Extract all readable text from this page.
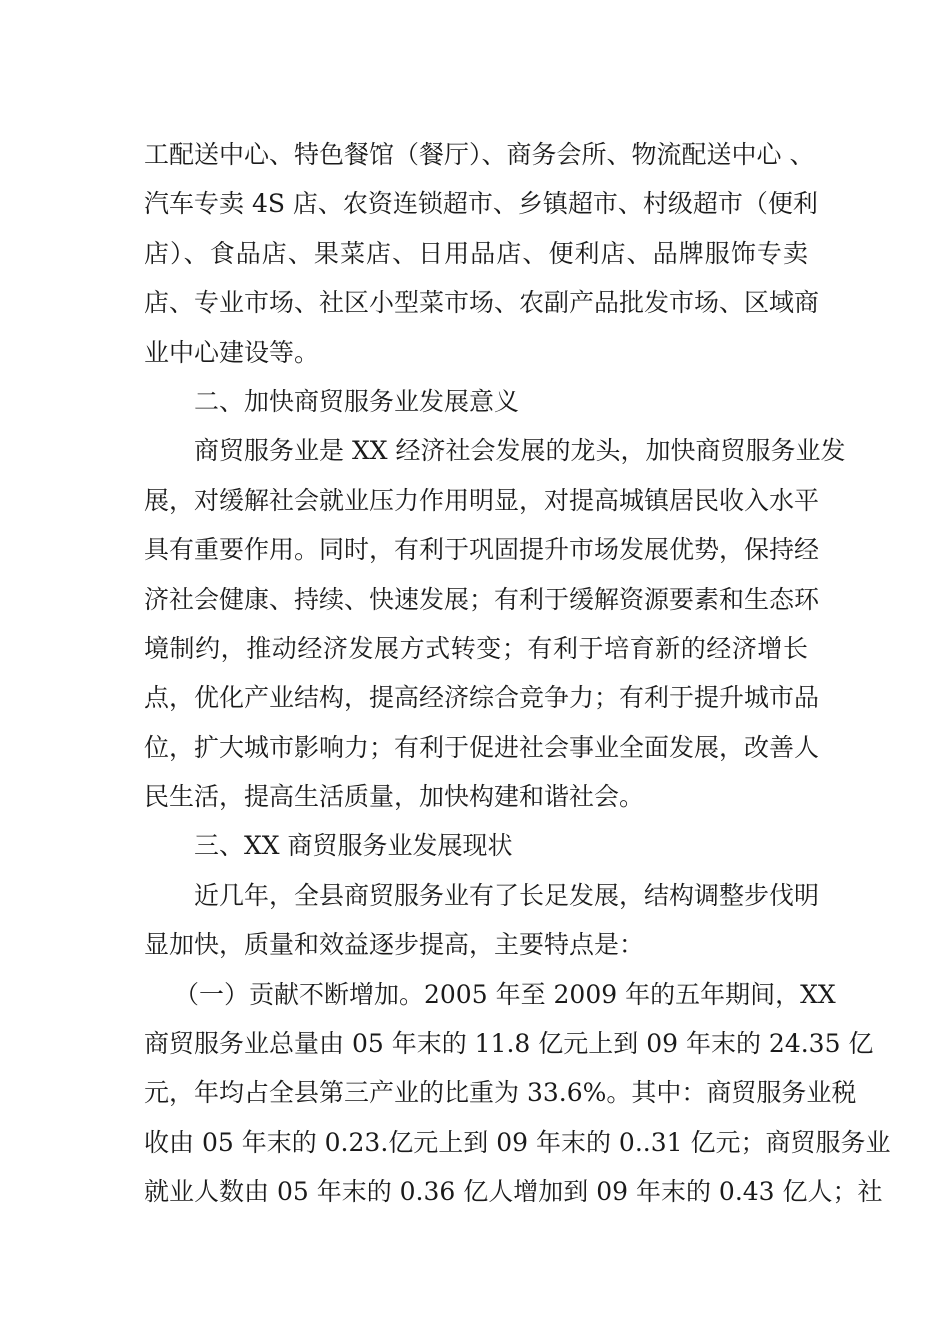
工配送中心、特色餐馆（餐厅）、商务会所、物流配送中心 、
汽车专卖 4S 店、农资连锁超市、乡镇超市、村级超市（便利
店）、食品店、果菜店、日用品店、便利店、品牌服饰专卖
店、专业市场、社区小型菜市场、农副产品批发市场、区域商
业中心建设等。
二、加快商贸服务业发展意义
商贸服务业是 XX 经济社会发展的龙头，加快商贸服务业发
展，对缓解社会就业压力作用明显，对提高城镇居民收入水平
具有重要作用。同时，有利于巩固提升市场发展优势，保持经
济社会健康、持续、快速发展；有利于缓解资源要素和生态环
境制约，推动经济发展方式转变；有利于培育新的经济增长
点，优化产业结构，提高经济综合竞争力；有利于提升城市品
位，扩大城市影响力；有利于促进社会事业全面发展，改善人
民生活，提高生活质量，加快构建和谐社会。
三、XX 商贸服务业发展现状
近几年，全县商贸服务业有了长足发展，结构调整步伐明
显加快，质量和效益逐步提高，主要特点是：
（一）贡献不断增加。2005 年至 2009 年的五年期间，XX
商贸服务业总量由 05 年末的 11.8 亿元上到 09 年末的 24.35 亿
元，年均占全县第三产业的比重为 33.6%。其中：商贸服务业税
收由 05 年末的 0.23.亿元上到 09 年末的 0..31 亿元；商贸服务业
就业人数由 05 年末的 0.36 亿人增加到 09 年末的 0.43 亿人；社
